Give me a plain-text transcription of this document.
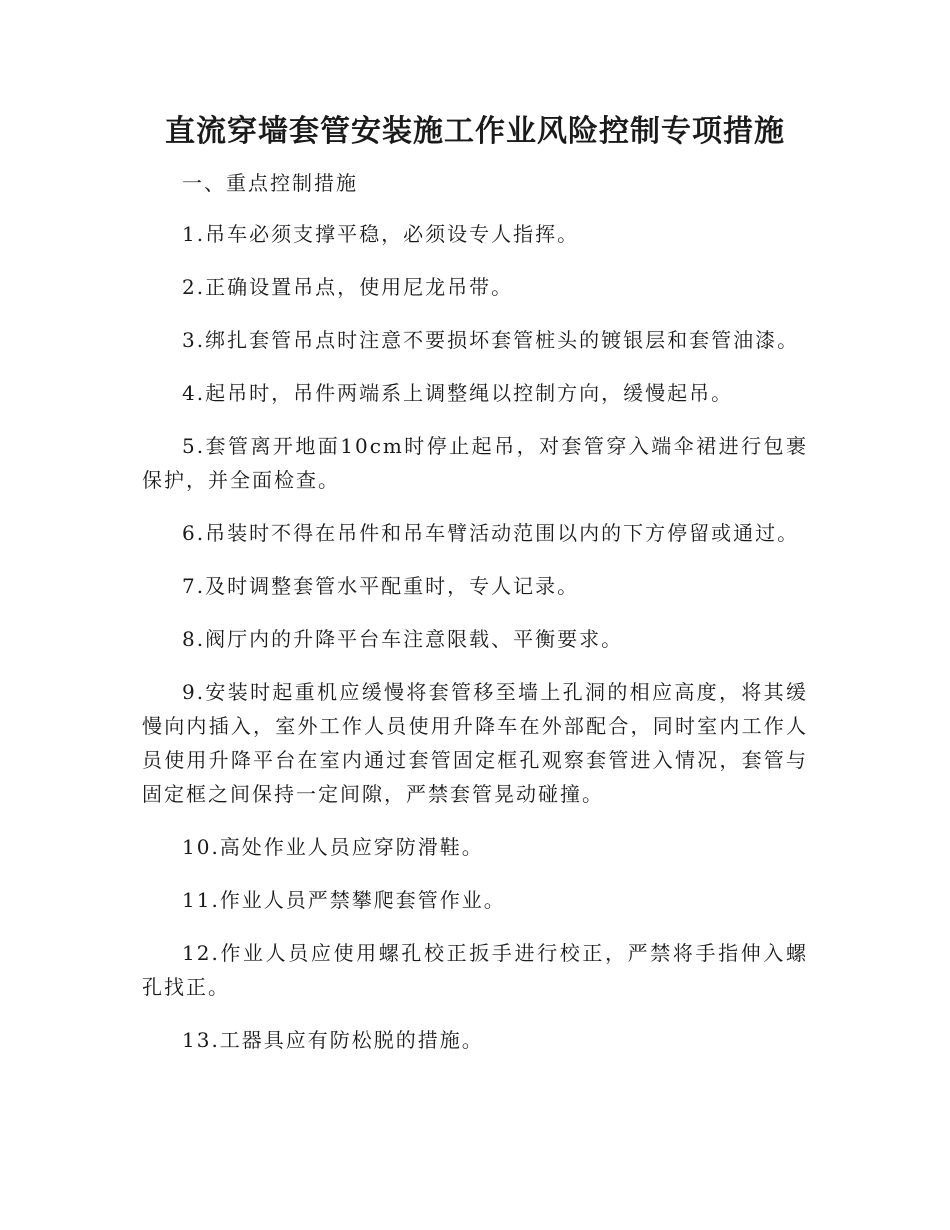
直流穿墙套管安装施工作业风险控制专项措施

一、重点控制措施

1.吊车必须支撑平稳，必须设专人指挥。

2.正确设置吊点，使用尼龙吊带。

3.绑扎套管吊点时注意不要损坏套管桩头的镀银层和套管油漆。

4.起吊时，吊件两端系上调整绳以控制方向，缓慢起吊。

5.套管离开地面10cm时停止起吊，对套管穿入端伞裙进行包裹保护，并全面检查。

6.吊装时不得在吊件和吊车臂活动范围以内的下方停留或通过。

7.及时调整套管水平配重时，专人记录。

8.阀厅内的升降平台车注意限载、平衡要求。

9.安装时起重机应缓慢将套管移至墙上孔洞的相应高度，将其缓慢向内插入，室外工作人员使用升降车在外部配合，同时室内工作人员使用升降平台在室内通过套管固定框孔观察套管进入情况，套管与固定框之间保持一定间隙，严禁套管晃动碰撞。

10.高处作业人员应穿防滑鞋。

11.作业人员严禁攀爬套管作业。

12.作业人员应使用螺孔校正扳手进行校正，严禁将手指伸入螺孔找正。

13.工器具应有防松脱的措施。
